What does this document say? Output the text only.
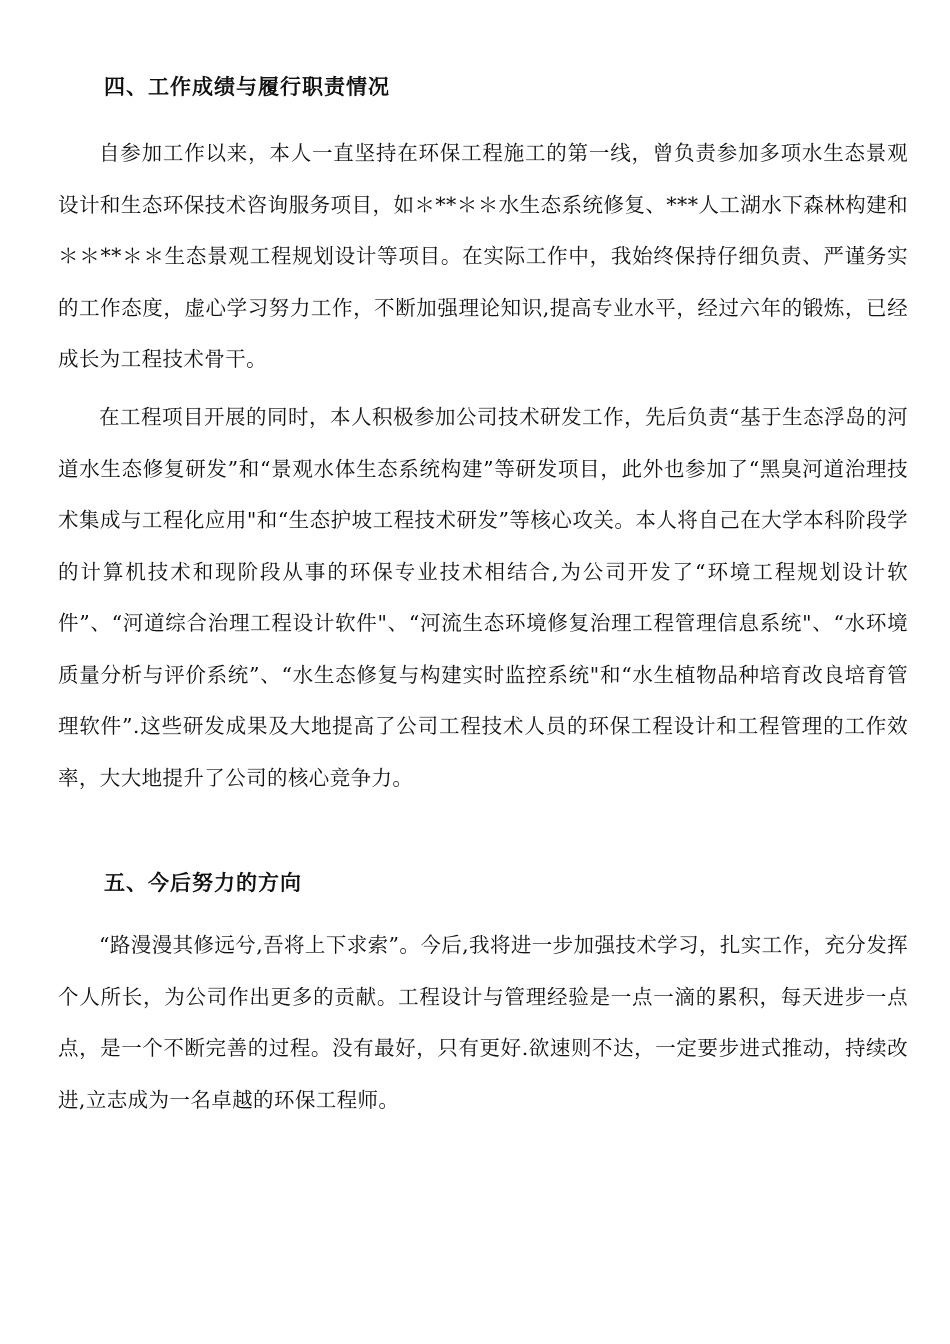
四、工作成绩与履行职责情况
自参加工作以来，本人一直坚持在环保工程施工的第一线，曾负责参加多项水生态景观设计和生态环保技术咨询服务项目，如＊**＊＊水生态系统修复、***人工湖水下森林构建和＊＊**＊＊生态景观工程规划设计等项目。在实际工作中，我始终保持仔细负责、严谨务实的工作态度，虚心学习努力工作，不断加强理论知识,提高专业水平，经过六年的锻炼，已经成长为工程技术骨干。
在工程项目开展的同时，本人积极参加公司技术研发工作，先后负责“基于生态浮岛的河道水生态修复研发”和“景观水体生态系统构建”等研发项目，此外也参加了“黑臭河道治理技术集成与工程化应用"和“生态护坡工程技术研发”等核心攻关。本人将自己在大学本科阶段学的计算机技术和现阶段从事的环保专业技术相结合,为公司开发了“环境工程规划设计软件”、“河道综合治理工程设计软件"、“河流生态环境修复治理工程管理信息系统"、“水环境质量分析与评价系统”、“水生态修复与构建实时监控系统"和“水生植物品种培育改良培育管理软件”.这些研发成果及大地提高了公司工程技术人员的环保工程设计和工程管理的工作效率，大大地提升了公司的核心竞争力。
五、今后努力的方向
“路漫漫其修远兮,吾将上下求索”。今后,我将进一步加强技术学习，扎实工作，充分发挥个人所长，为公司作出更多的贡献。工程设计与管理经验是一点一滴的累积，每天进步一点点，是一个不断完善的过程。没有最好，只有更好.欲速则不达，一定要步进式推动，持续改进,立志成为一名卓越的环保工程师。
